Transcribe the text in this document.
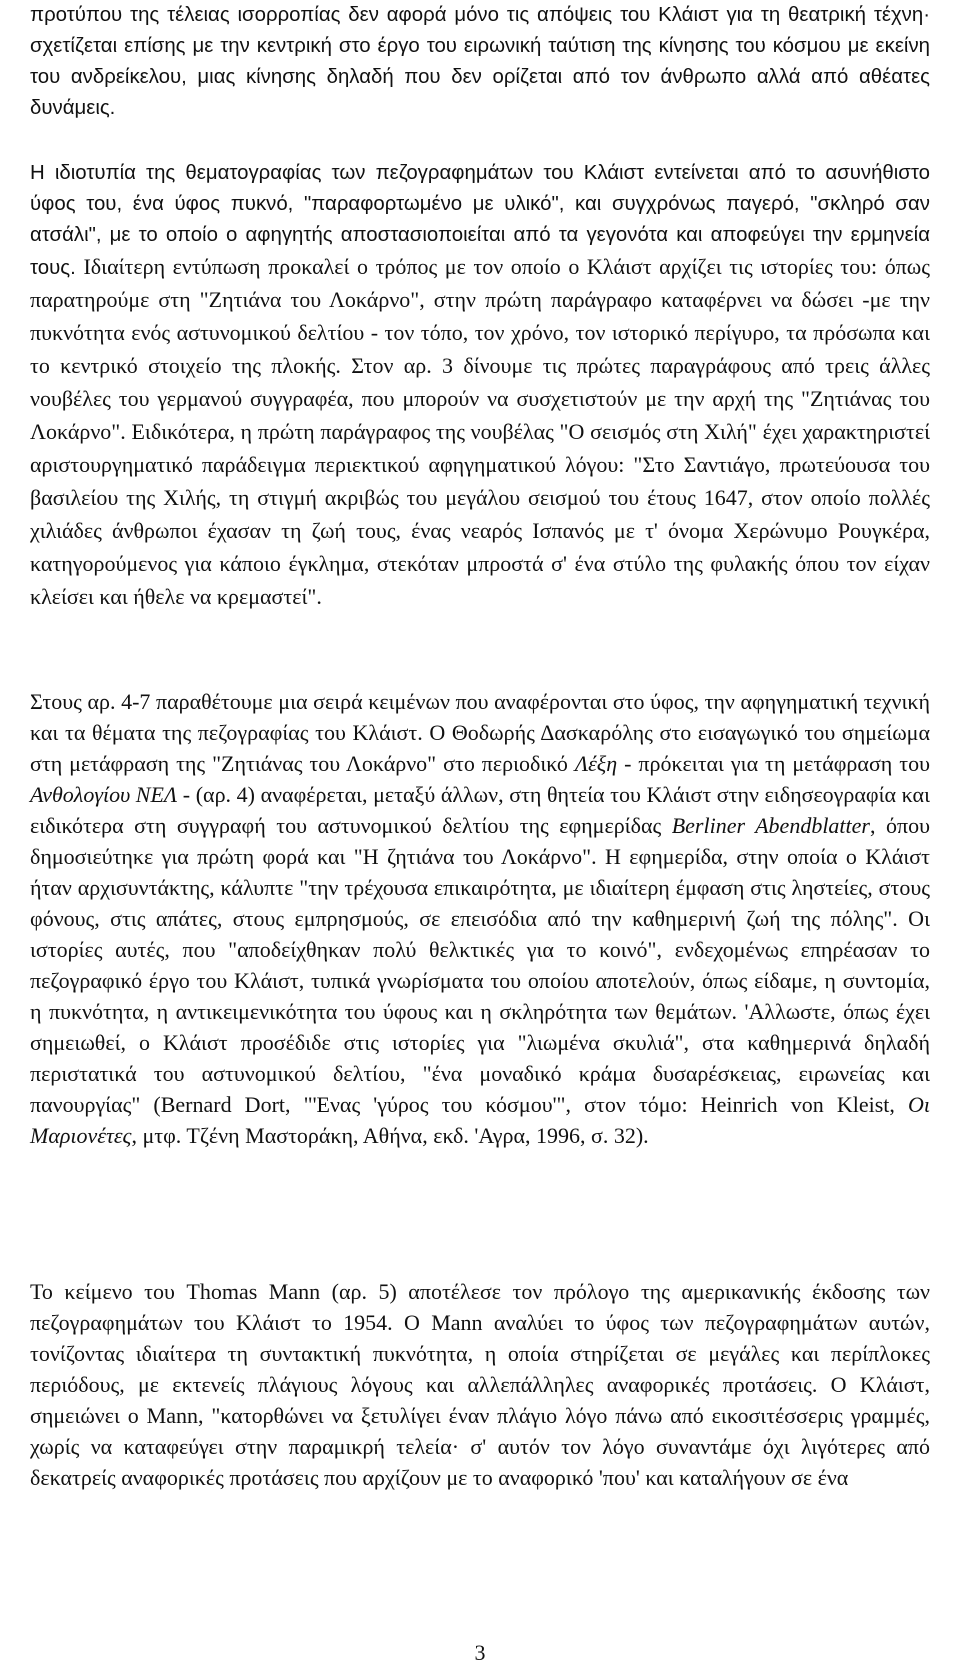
προτύπου της τέλειας ισορροπίας δεν αφορά μόνο τις απόψεις του Κλάιστ για τη θεατρική τέχνη· σχετίζεται επίσης με την κεντρική στο έργο του ειρωνική ταύτιση της κίνησης του κόσμου με εκείνη του ανδρείκελου, μιας κίνησης δηλαδή που δεν ορίζεται από τον άνθρωπο αλλά από αθέατες δυνάμεις.

Η ιδιοτυπία της θεματογραφίας των πεζογραφημάτων του Κλάιστ εντείνεται από το ασυνήθιστο ύφος του, ένα ύφος πυκνό, "παραφορτωμένο με υλικό", και συγχρόνως παγερό, "σκληρό σαν ατσάλι", με το οποίο ο αφηγητής αποστασιοποιείται από τα γεγονότα και αποφεύγει την ερμηνεία τους. Ιδιαίτερη εντύπωση προκαλεί ο τρόπος με τον οποίο ο Κλάιστ αρχίζει τις ιστορίες του: όπως παρατηρούμε στη "Ζητιάνα του Λοκάρνο", στην πρώτη παράγραφο καταφέρνει να δώσει -με την πυκνότητα ενός αστυνομικού δελτίου - τον τόπο, τον χρόνο, τον ιστορικό περίγυρο, τα πρόσωπα και το κεντρικό στοιχείο της πλοκής. Στον αρ. 3 δίνουμε τις πρώτες παραγράφους από τρεις άλλες νουβέλες του γερμανού συγγραφέα, που μπορούν να συσχετιστούν με την αρχή της "Ζητιάνας του Λοκάρνο". Ειδικότερα, η πρώτη παράγραφος της νουβέλας "Ο σεισμός στη Χιλή" έχει χαρακτηριστεί αριστουργηματικό παράδειγμα περιεκτικού αφηγηματικού λόγου: "Στο Σαντιάγο, πρωτεύουσα του βασιλείου της Χιλής, τη στιγμή ακριβώς του μεγάλου σεισμού του έτους 1647, στον οποίο πολλές χιλιάδες άνθρωποι έχασαν τη ζωή τους, ένας νεαρός Ισπανός με τ' όνομα Χερώνυμο Ρουγκέρα, κατηγορούμενος για κάποιο έγκλημα, στεκόταν μπροστά σ' ένα στύλο της φυλακής όπου τον είχαν κλείσει και ήθελε να κρεμαστεί".

Στους αρ. 4-7 παραθέτουμε μια σειρά κειμένων που αναφέρονται στο ύφος, την αφηγηματική τεχνική και τα θέματα της πεζογραφίας του Κλάιστ. Ο Θοδωρής Δασκαρόλης στο εισαγωγικό του σημείωμα στη μετάφραση της "Ζητιάνας του Λοκάρνο" στο περιοδικό Λέξη - πρόκειται για τη μετάφραση του Ανθολογίου ΝΕΛ - (αρ. 4) αναφέρεται, μεταξύ άλλων, στη θητεία του Κλάιστ στην ειδησεογραφία και ειδικότερα στη συγγραφή του αστυνομικού δελτίου της εφημερίδας Berliner Abendblatter, όπου δημοσιεύτηκε για πρώτη φορά και "Η ζητιάνα του Λοκάρνο". Η εφημερίδα, στην οποία ο Κλάιστ ήταν αρχισυντάκτης, κάλυπτε "την τρέχουσα επικαιρότητα, με ιδιαίτερη έμφαση στις ληστείες, στους φόνους, στις απάτες, στους εμπρησμούς, σε επεισόδια από την καθημερινή ζωή της πόλης". Οι ιστορίες αυτές, που "αποδείχθηκαν πολύ θελκτικές για το κοινό", ενδεχομένως επηρέασαν το πεζογραφικό έργο του Κλάιστ, τυπικά γνωρίσματα του οποίου αποτελούν, όπως είδαμε, η συντομία, η πυκνότητα, η αντικειμενικότητα του ύφους και η σκληρότητα των θεμάτων. 'Αλλωστε, όπως έχει σημειωθεί, ο Κλάιστ προσέδιδε στις ιστορίες για "λιωμένα σκυλιά", στα καθημερινά δηλαδή περιστατικά του αστυνομικού δελτίου, "ένα μοναδικό κράμα δυσαρέσκειας, ειρωνείας και πανουργίας" (Bernard Dort, "'Ενας 'γύρος του κόσμου'", στον τόμο: Heinrich von Kleist, Οι Μαριονέτες, μτφ. Τζένη Μαστοράκη, Αθήνα, εκδ. 'Αγρα, 1996, σ. 32).

Το κείμενο του Thomas Mann (αρ. 5) αποτέλεσε τον πρόλογο της αμερικανικής έκδοσης των πεζογραφημάτων του Κλάιστ το 1954. Ο Mann αναλύει το ύφος των πεζογραφημάτων αυτών, τονίζοντας ιδιαίτερα τη συντακτική πυκνότητα, η οποία στηρίζεται σε μεγάλες και περίπλοκες περιόδους, με εκτενείς πλάγιους λόγους και αλλεπάλληλες αναφορικές προτάσεις. Ο Κλάιστ, σημειώνει ο Mann, "κατορθώνει να ξετυλίγει έναν πλάγιο λόγο πάνω από εικοσιτέσσερις γραμμές, χωρίς να καταφεύγει στην παραμικρή τελεία· σ' αυτόν τον λόγο συναντάμε όχι λιγότερες από δεκατρείς αναφορικές προτάσεις που αρχίζουν με το αναφορικό 'που' και καταλήγουν σε ένα

3
